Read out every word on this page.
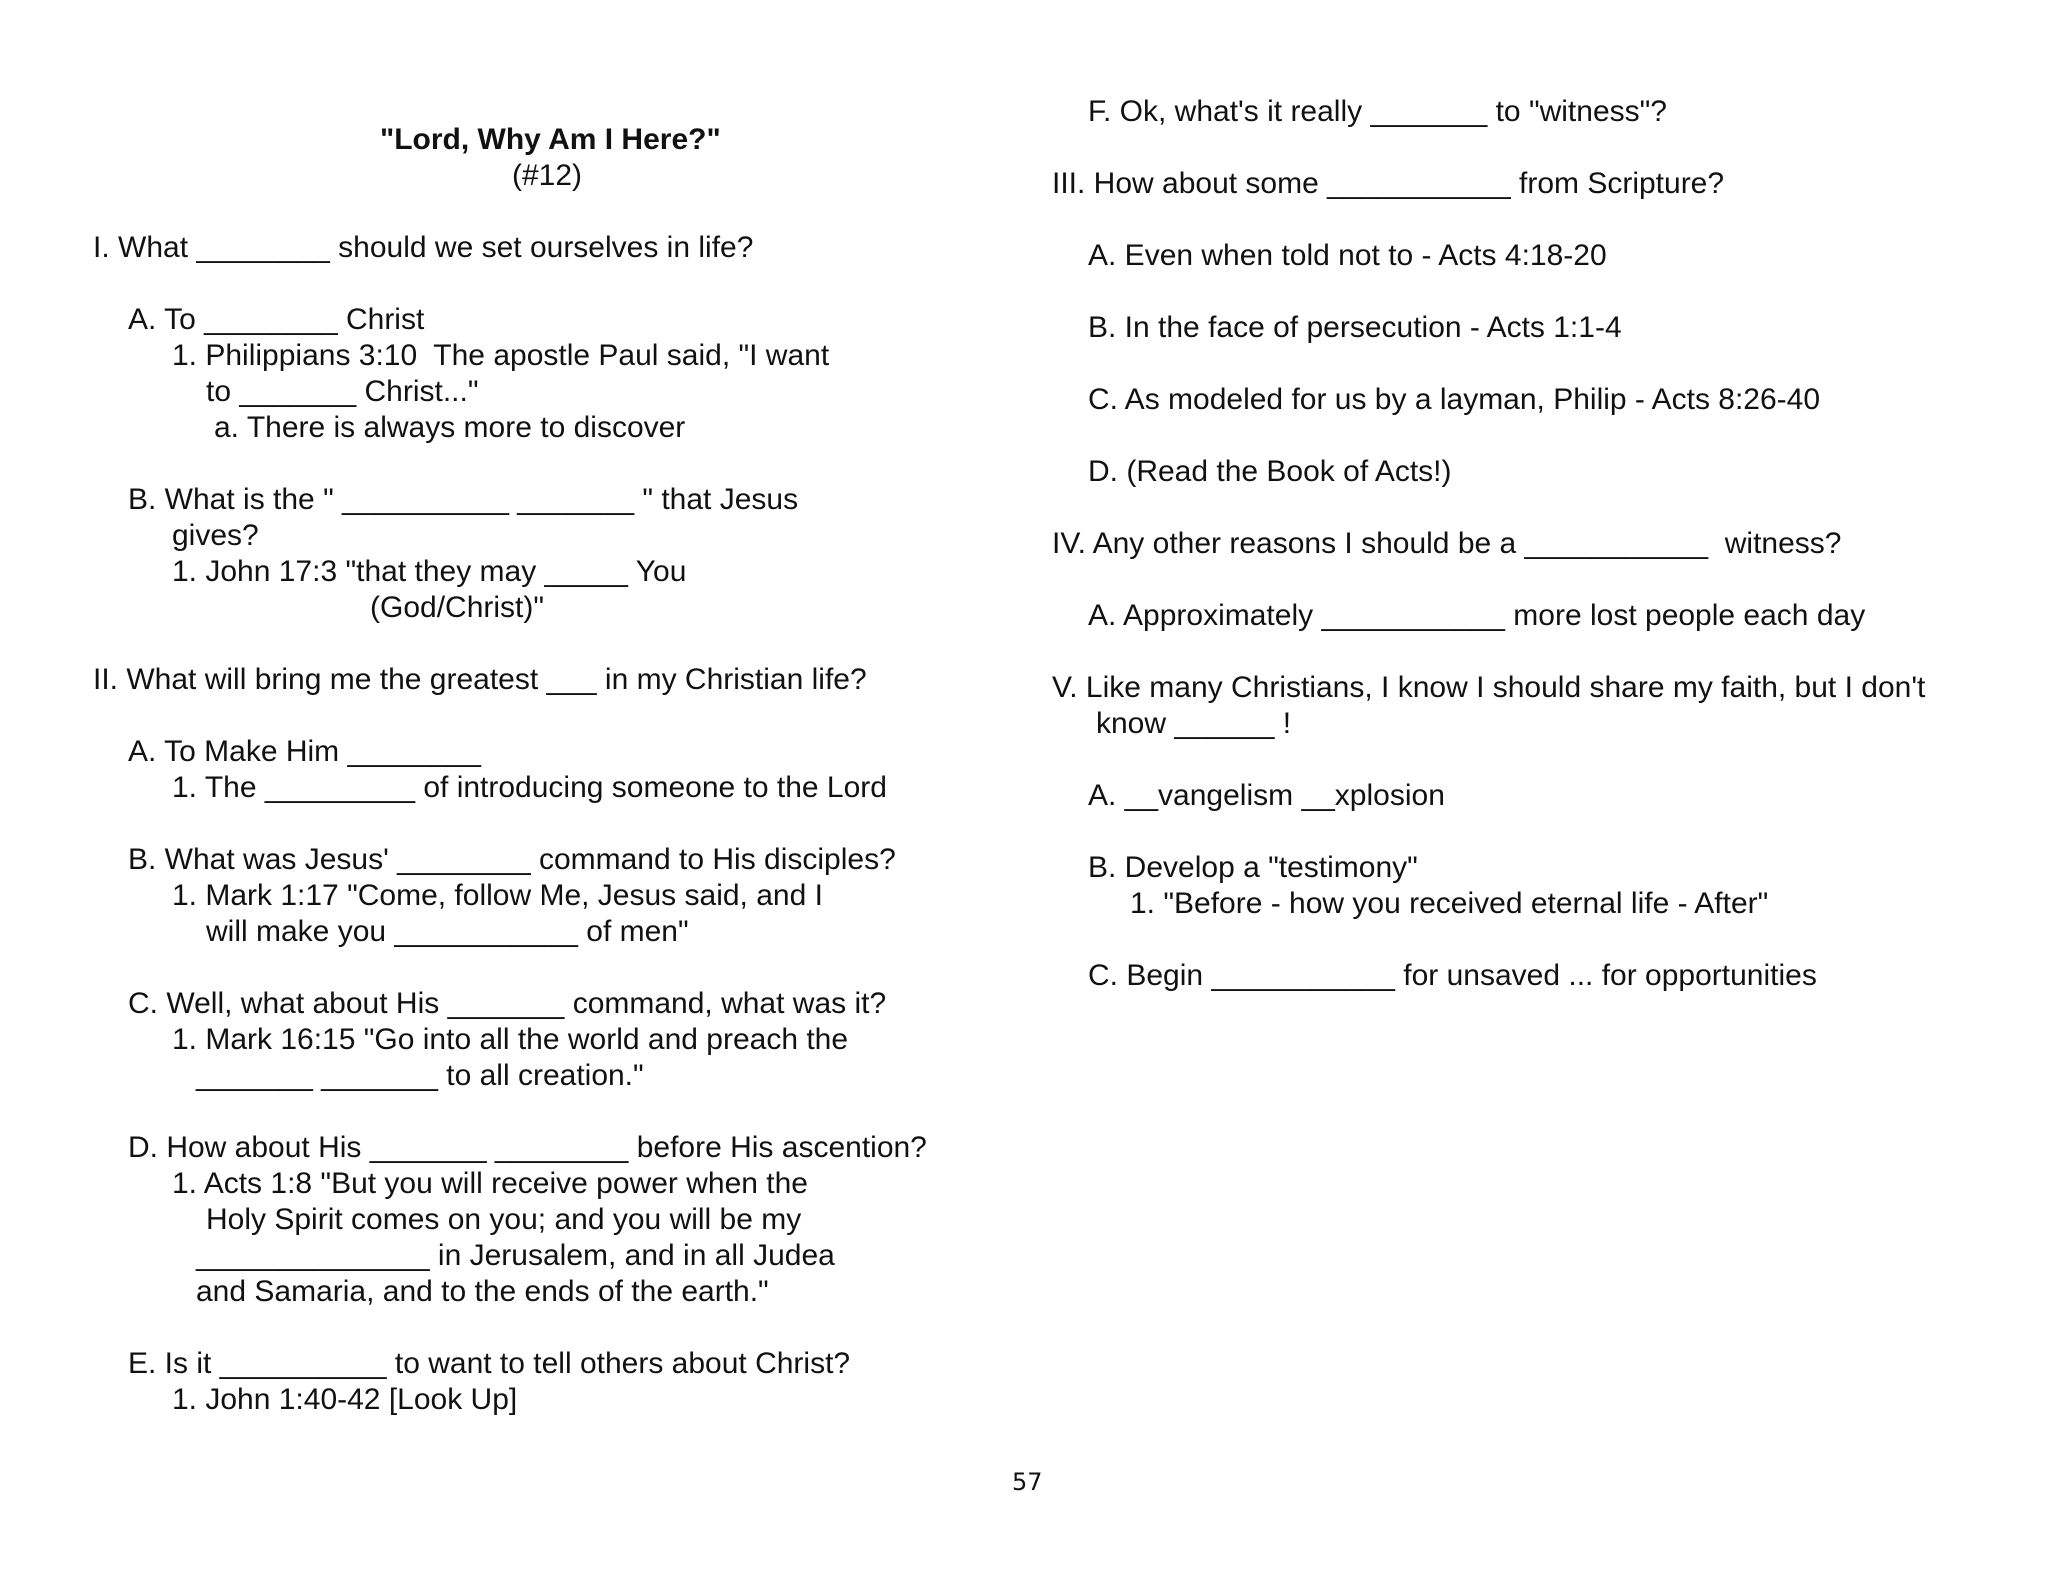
"Lord, Why Am I Here?"
(#12)
I. What ________ should we set ourselves in life?
A. To ________ Christ
1. Philippians 3:10  The apostle Paul said, "I want
to _______ Christ..."
a. There is always more to discover
B. What is the " __________ _______ " that Jesus
gives?
1. John 17:3 "that they may _____ You
(God/Christ)"
II. What will bring me the greatest ___ in my Christian life?
A. To Make Him ________
1. The _________ of introducing someone to the Lord
B. What was Jesus' ________ command to His disciples?
1. Mark 1:17 "Come, follow Me, Jesus said, and I
will make you ___________ of men"
C. Well, what about His _______ command, what was it?
1. Mark 16:15 "Go into all the world and preach the
_______ _______ to all creation."
D. How about His _______ ________ before His ascention?
1. Acts 1:8 "But you will receive power when the
Holy Spirit comes on you; and you will be my
______________ in Jerusalem, and in all Judea
and Samaria, and to the ends of the earth."
E. Is it __________ to want to tell others about Christ?
1. John 1:40-42 [Look Up]
F. Ok, what's it really _______ to "witness"?
III. How about some ___________ from Scripture?
A. Even when told not to - Acts 4:18-20
B. In the face of persecution - Acts 1:1-4
C. As modeled for us by a layman, Philip - Acts 8:26-40
D. (Read the Book of Acts!)
IV. Any other reasons I should be a ___________  witness?
A. Approximately ___________ more lost people each day
V. Like many Christians, I know I should share my faith, but I don't
know ______ !
A. __vangelism __xplosion
B. Develop a "testimony"
1. "Before - how you received eternal life - After"
C. Begin ___________ for unsaved ... for opportunities
57
